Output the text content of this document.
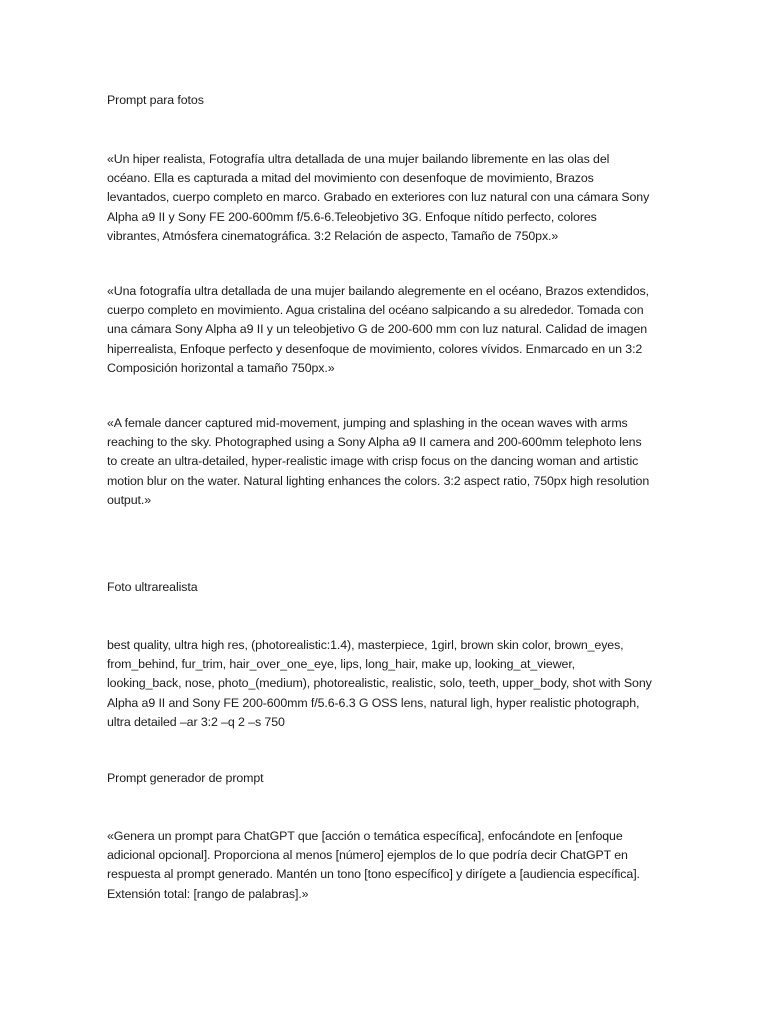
Prompt para fotos

«Un hiper realista, Fotografía ultra detallada de una mujer bailando libremente en las olas del océano. Ella es capturada a mitad del movimiento con desenfoque de movimiento, Brazos levantados, cuerpo completo en marco. Grabado en exteriores con luz natural con una cámara Sony Alpha a9 II y Sony FE 200-600mm f/5.6-6.Teleobjetivo 3G. Enfoque nítido perfecto, colores vibrantes, Atmósfera cinematográfica. 3:2 Relación de aspecto, Tamaño de 750px.»

«Una fotografía ultra detallada de una mujer bailando alegremente en el océano, Brazos extendidos, cuerpo completo en movimiento. Agua cristalina del océano salpicando a su alrededor. Tomada con una cámara Sony Alpha a9 II y un teleobjetivo G de 200-600 mm con luz natural. Calidad de imagen hiperrealista, Enfoque perfecto y desenfoque de movimiento, colores vívidos. Enmarcado en un 3:2 Composición horizontal a tamaño 750px.»

«A female dancer captured mid-movement, jumping and splashing in the ocean waves with arms reaching to the sky. Photographed using a Sony Alpha a9 II camera and 200-600mm telephoto lens to create an ultra-detailed, hyper-realistic image with crisp focus on the dancing woman and artistic motion blur on the water. Natural lighting enhances the colors. 3:2 aspect ratio, 750px high resolution output.»

Foto ultrarealista

best quality, ultra high res, (photorealistic:1.4), masterpiece, 1girl, brown skin color, brown_eyes, from_behind, fur_trim, hair_over_one_eye, lips, long_hair, make up, looking_at_viewer, looking_back, nose, photo_(medium), photorealistic, realistic, solo, teeth, upper_body, shot with Sony Alpha a9 II and Sony FE 200-600mm f/5.6-6.3 G OSS lens, natural ligh, hyper realistic photograph, ultra detailed –ar 3:2 –q 2 –s 750

Prompt generador de prompt

«Genera un prompt para ChatGPT que [acción o temática específica], enfocándote en [enfoque adicional opcional]. Proporciona al menos [número] ejemplos de lo que podría decir ChatGPT en respuesta al prompt generado. Mantén un tono [tono específico] y dirígete a [audiencia específica]. Extensión total: [rango de palabras].»
